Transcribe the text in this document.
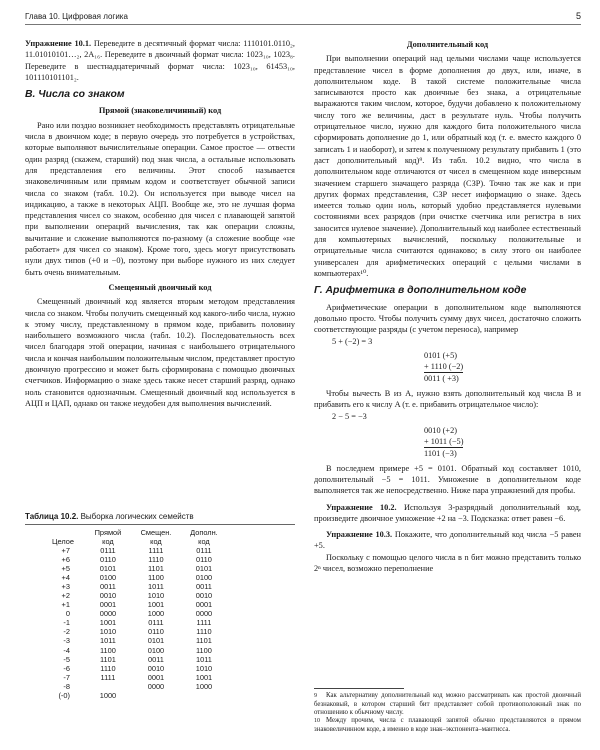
Глава 10. Цифровая логика	5

Упражнение 10.1. Переведите в десятичный формат числа: 1110101.0110₂, 11.01010101…₂, 2A₁₆. Переведите в двоичный формат числа: 1023₁₀, 1023₈. Переведите в шестнадцатеричный формат числа: 1023₁₀, 61453₁₀, 101110101101₂.

В. Числа со знаком
Прямой (знаковеличинный) код

Рано или поздно возникнет необходимость представлять отрицательные числа в двоичном коде; в первую очередь это потребуется в устройствах, которые выполняют вычислительные операции. Самое простое — отвести один разряд (скажем, старший) под знак числа, а остальные использовать для представления его величины. Этот способ называется знаковеличинным или прямым кодом и соответствует обычной записи числа со знаком (табл. 10.2). Он используется при выводе чисел на индикацию, а также в некоторых АЦП. Вообще же, это не лучшая форма представления чисел со знаком, особенно для чисел с плавающей запятой при выполнении операций вычисления, так как операции сложны, вычитание и сложение выполняются по-разному (а сложение вообще «не работает» для чисел со знаком). Кроме того, здесь могут присутствовать нули двух типов (+0 и −0), поэтому при выборе нужного из них следует быть очень внимательным.

Смещенный двоичный код

Смещенный двоичный код является вторым методом представления числа со знаком. Чтобы получить смещенный код какого-либо числа, нужно к этому числу, представленному в прямом коде, прибавить половину наибольшего возможного числа (табл. 10.2). Последовательность всех чисел благодаря этой операции, начиная с наибольшего отрицательного числа и кончая наибольшим положительным числом, представляет простую двоичную прогрессию и может быть сформирована с помощью двоичных счетчиков. Информацию о знаке здесь также несет старший разряд, однако ноль становится однозначным. Смещенный двоичный код используется в АЦП и ЦАП, однако он также неудобен для выполнения вычислений.

Таблица 10.2. Выборка логических семейств
Целое	Прямой код	Смещен. код	Дополн. код
+7	0111	1111	0111
+6	0110	1110	0110
+5	0101	1101	0101
+4	0100	1100	0100
+3	0011	1011	0011
+2	0010	1010	0010
+1	0001	1001	0001
0	0000	1000	0000
-1	1001	0111	1111
-2	1010	0110	1110
-3	1011	0101	1101
-4	1100	0100	1100
-5	1101	0011	1011
-6	1110	0010	1010
-7	1111	0001	1001
-8		0000	1000
(-0)	1000		
Дополнительный код

При выполнении операций над целыми числами чаще используется представление чисел в форме дополнения до двух, или, иначе, в дополнительном коде. В такой системе положительные числа записываются просто как двоичные без знака, а отрицательные выражаются таким числом, которое, будучи добавлено к положительному числу того же величины, даст в результате нуль. Чтобы получить отрицательное число, нужно для каждого бита положительного числа сформировать дополнение до 1, или обратный код (т. е. вместо каждого 0 записать 1 и наоборот), и затем к полученному результату прибавить 1 (это даст дополнительный код)⁹. Из табл. 10.2 видно, что числа в дополнительном коде отличаются от чисел в смещенном коде инверсным значением старшего значащего разряда (СЗР). Точно так же как и при других формах представления, СЗР несет информацию о знаке. Здесь имеется только один ноль, который удобно представляется нулевыми состояниями всех разрядов (при очистке счетчика или регистра в них заносится нулевое значение). Дополнительный код наиболее естественный для компьютерных вычислений, поскольку положительные и отрицательные числа считаются одинаково; в силу этого он наиболее универсален для арифметических операций с целыми числами в компьютерах¹⁰.

Г. Арифметика в дополнительном коде

Арифметические операции в дополнительном коде выполняются довольно просто. Чтобы получить сумму двух чисел, достаточно сложить соответствующие разряды (с учетом переноса), например

5 + (−2) = 3
0101 (+5)
+ 1110 (−2)
0011 ( +3)

Чтобы вычесть B из A, нужно взять дополнительный код числа B и прибавить его к числу A (т. е. прибавить отрицательное число):

2 − 5 = −3
0010 (+2)
+ 1011 (−5)
1101 (−3)

В последнем примере +5 = 0101. Обратный код составляет 1010, дополнительный −5 = 1011. Умножение в дополнительном коде выполняется так же непосредственно. Ниже пара упражнений для пробы.

Упражнение 10.2. Используя 3-разрядный дополнительный код, произведите двоичное умножение +2 на −3. Подсказка: ответ равен −6.

Упражнение 10.3. Покажите, что дополнительный код числа −5 равен +5.

Поскольку с помощью целого числа в n бит можно представить только 2ⁿ чисел, возможно переполнение

9 Как альтернативу дополнительный код можно рассматривать как простой двоичный безнаковый, в котором старший бит представляет собой противоположный знак по отношению к обычному числу.
10 Между прочим, числа с плавающей запятой обычно представляются в прямом знаковеличинном коде, а именно в коде знак–экспонента–мантисса.
